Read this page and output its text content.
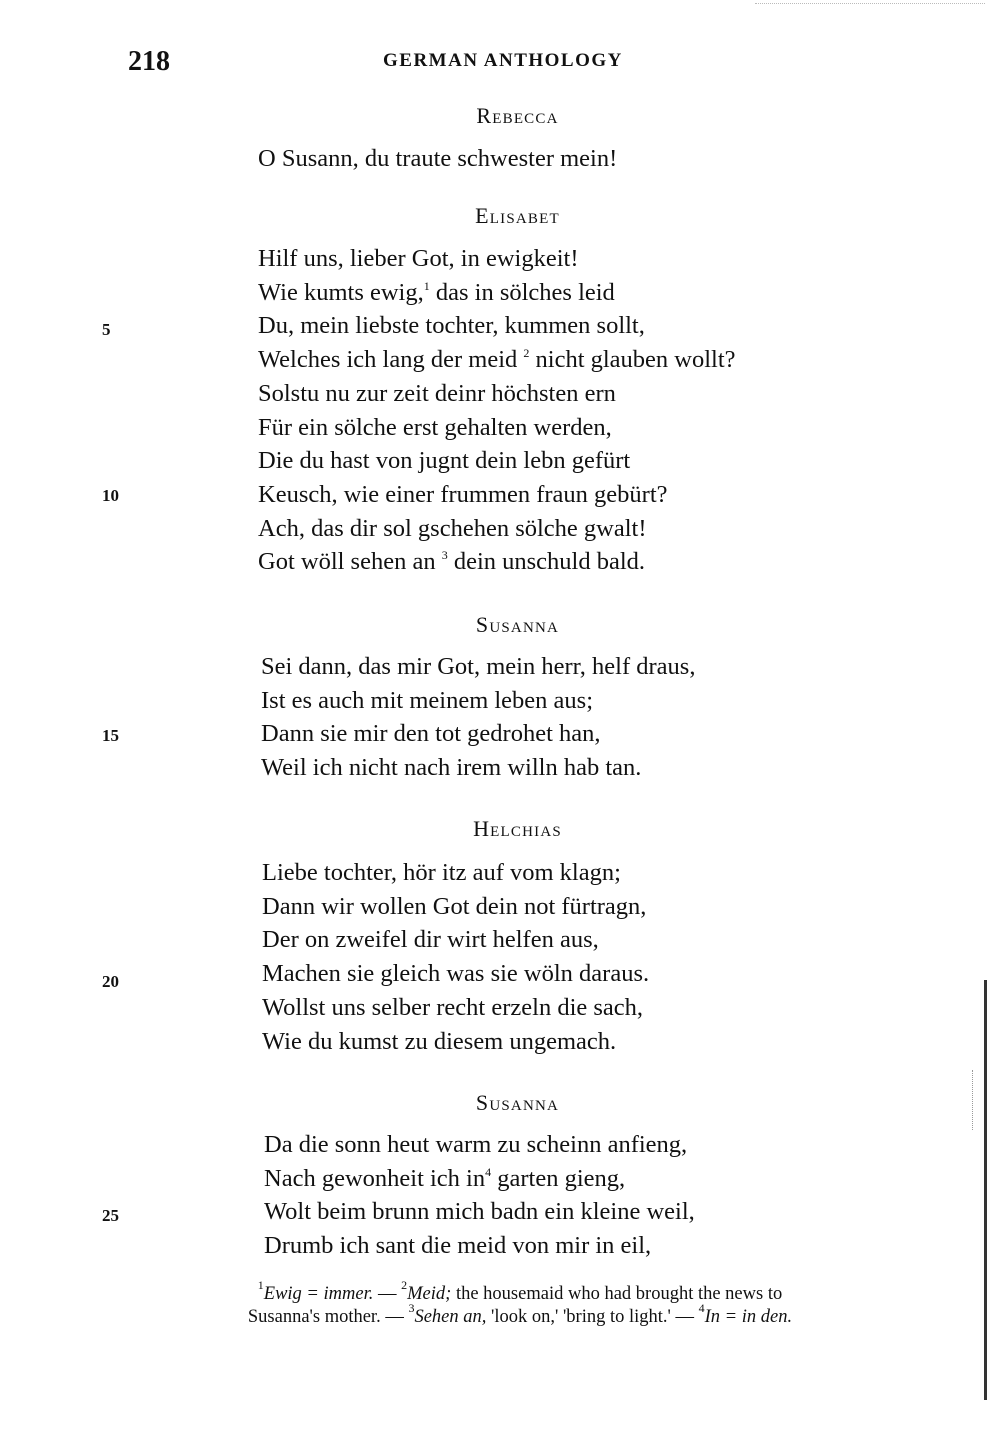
218	GERMAN ANTHOLOGY
Rebecca
O Susann, du traute schwester mein!
Elisabet
Hilf uns, lieber Got, in ewigkeit!
Wie kumts ewig,$^1$ das in sölches leid
Du, mein liebste tochter, kummen sollt,
Welches ich lang der meid $^2$ nicht glauben wollt?
Solstu nu zur zeit deinr höchsten ern
Für ein sölche erst gehalten werden,
Die du hast von jugnt dein lebn gefürt
Keusch, wie einer frummen fraun gebürt?
Ach, das dir sol gschehen sölche gwalt!
Got wöll sehen an $^3$ dein unschuld bald.
Susanna
Sei dann, das mir Got, mein herr, helf draus,
Ist es auch mit meinem leben aus;
Dann sie mir den tot gedrohet han,
Weil ich nicht nach irem willn hab tan.
Helchias
Liebe tochter, hör itz auf vom klagn;
Dann wir wollen Got dein not fürtragn,
Der on zweifel dir wirt helfen aus,
Machen sie gleich was sie wöln daraus.
Wollst uns selber recht erzeln die sach,
Wie du kumst zu diesem ungemach.
Susanna
Da die sonn heut warm zu scheinn anfieng,
Nach gewonheit ich $in^4$ garten gieng,
Wolt beim brunn mich badn ein kleine weil,
Drumb ich sant die meid von mir in eil,
5
10
15
20
25
$^1$Ewig = immer. — $^2$Meid; the housemaid who had brought the news to
Susanna's mother. — $^3$Sehen an, 'look on,' 'bring to light.' — $^4$In = in den.
